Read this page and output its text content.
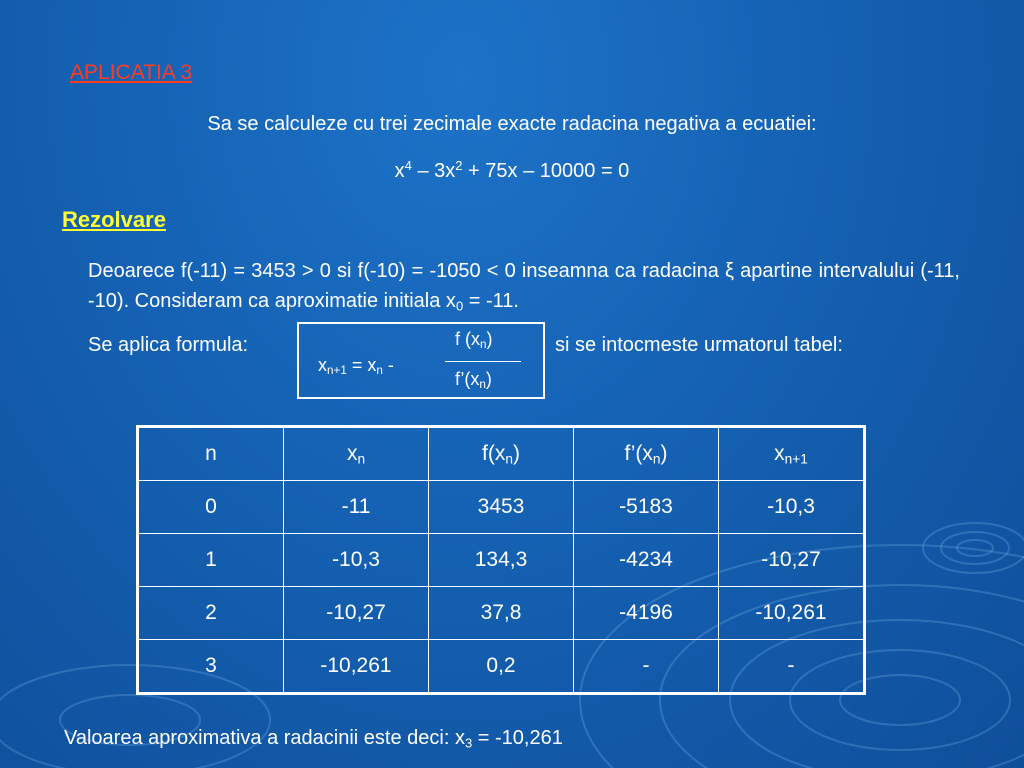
APLICATIA 3
Sa se calculeze cu trei zecimale exacte radacina negativa a ecuatiei:
$x^4 - 3x^2 + 75x - 10000 = 0$
Rezolvare
Deoarece f(-11) = 3453 > 0 si f(-10) = -1050 < 0 inseamna ca radacina ξ apartine intervalului (-11, -10). Consideram ca aproximatie initiala $x_0 = -11$.
Se aplica formula:
$x_{n+1} = x_n$ -
f $(x_n)$
$f’(x_n)$
si se intocmeste urmatorul tabel:
n	$x_n$	$f(x_n)$	$f’(x_n)$	$x_{n+1}$
0	-11	3453	-5183	-10,3
1	-10,3	134,3	-4234	-10,27
2	-10,27	37,8	-4196	-10,261
3	-10,261	0,2	-	-
Valoarea aproximativa a radacinii este deci: $x_3 = -10,261$
